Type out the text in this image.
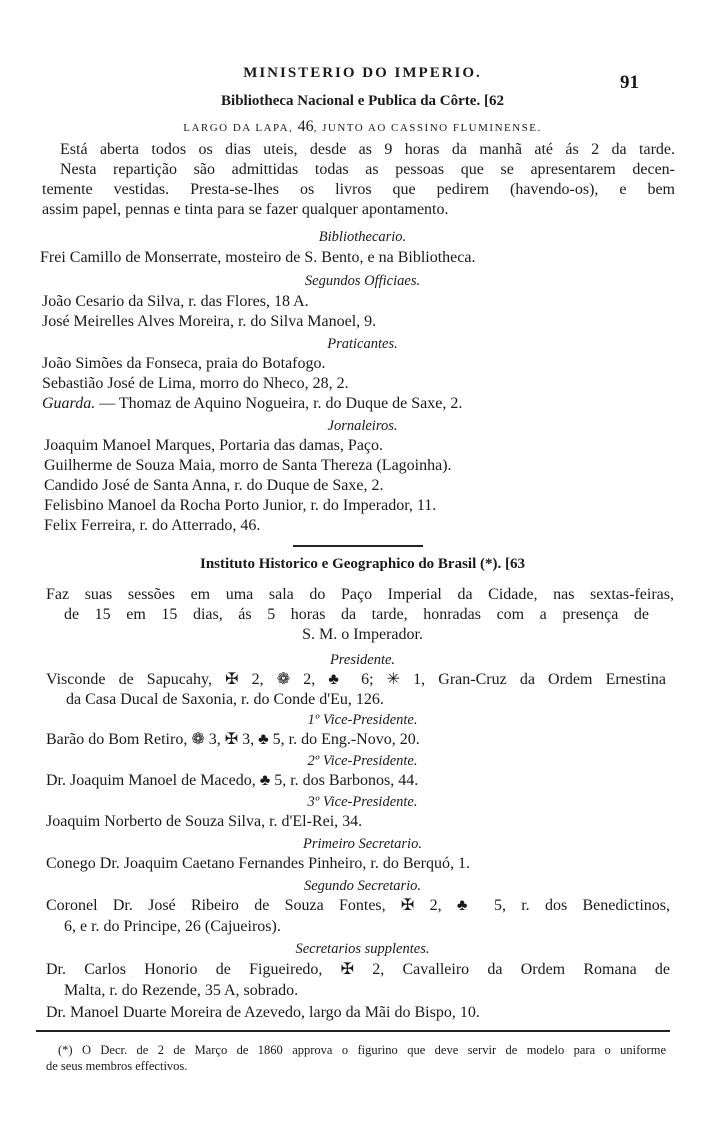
MINISTERIO DO IMPERIO.	91
Bibliotheca Nacional e Publica da Côrte. [62
LARGO DA LAPA, 46, JUNTO AO CASSINO FLUMINENSE.
Está aberta todos os dias uteis, desde as 9 horas da manhã até ás 2 da tarde.
Nesta repartição são admittidas todas as pessoas que se apresentarem decen-
temente vestidas. Presta-se-lhes os livros que pedirem (havendo-os), e bem
assim papel, pennas e tinta para se fazer qualquer apontamento.
Bibliothecario.
Frei Camillo de Monserrate, mosteiro de S. Bento, e na Bibliotheca.
Segundos Officiaes.
João Cesario da Silva, r. das Flores, 18 A.
José Meirelles Alves Moreira, r. do Silva Manoel, 9.
Praticantes.
João Simões da Fonseca, praia do Botafogo.
Sebastião José de Lima, morro do Nheco, 28, 2.
Guarda. — Thomaz de Aquino Nogueira, r. do Duque de Saxe, 2.
Jornaleiros.
Joaquim Manoel Marques, Portaria das damas, Paço.
Guilherme de Souza Maia, morro de Santa Thereza (Lagoinha).
Candido José de Santa Anna, r. do Duque de Saxe, 2.
Felisbino Manoel da Rocha Porto Junior, r. do Imperador, 11.
Felix Ferreira, r. do Atterrado, 46.
Instituto Historico e Geographico do Brasil (*). [63
Faz suas sessões em uma sala do Paço Imperial da Cidade, nas sextas-feiras,
de 15 em 15 dias, ás 5 horas da tarde, honradas com a presença de
S. M. o Imperador.
Presidente.
Visconde de Sapucahy, ✠ 2, ❁ 2, ♣ 6; ✳ 1, Gran-Cruz da Ordem Ernestina
da Casa Ducal de Saxonia, r. do Conde d'Eu, 126.
1º Vice-Presidente.
Barão do Bom Retiro, ❁ 3, ✠ 3, ♣ 5, r. do Eng.-Novo, 20.
2º Vice-Presidente.
Dr. Joaquim Manoel de Macedo, ♣ 5, r. dos Barbonos, 44.
3º Vice-Presidente.
Joaquim Norberto de Souza Silva, r. d'El-Rei, 34.
Primeiro Secretario.
Conego Dr. Joaquim Caetano Fernandes Pinheiro, r. do Berquó, 1.
Segundo Secretario.
Coronel Dr. José Ribeiro de Souza Fontes, ✠ 2, ♣ 5, r. dos Benedictinos,
6, e r. do Principe, 26 (Cajueiros).
Secretarios supplentes.
Dr. Carlos Honorio de Figueiredo, ✠ 2, Cavalleiro da Ordem Romana de
Malta, r. do Rezende, 35 A, sobrado.
Dr. Manoel Duarte Moreira de Azevedo, largo da Mãi do Bispo, 10.
(*) O Decr. de 2 de Março de 1860 approva o figurino que deve servir de modelo para o uniforme
de seus membros effectivos.
